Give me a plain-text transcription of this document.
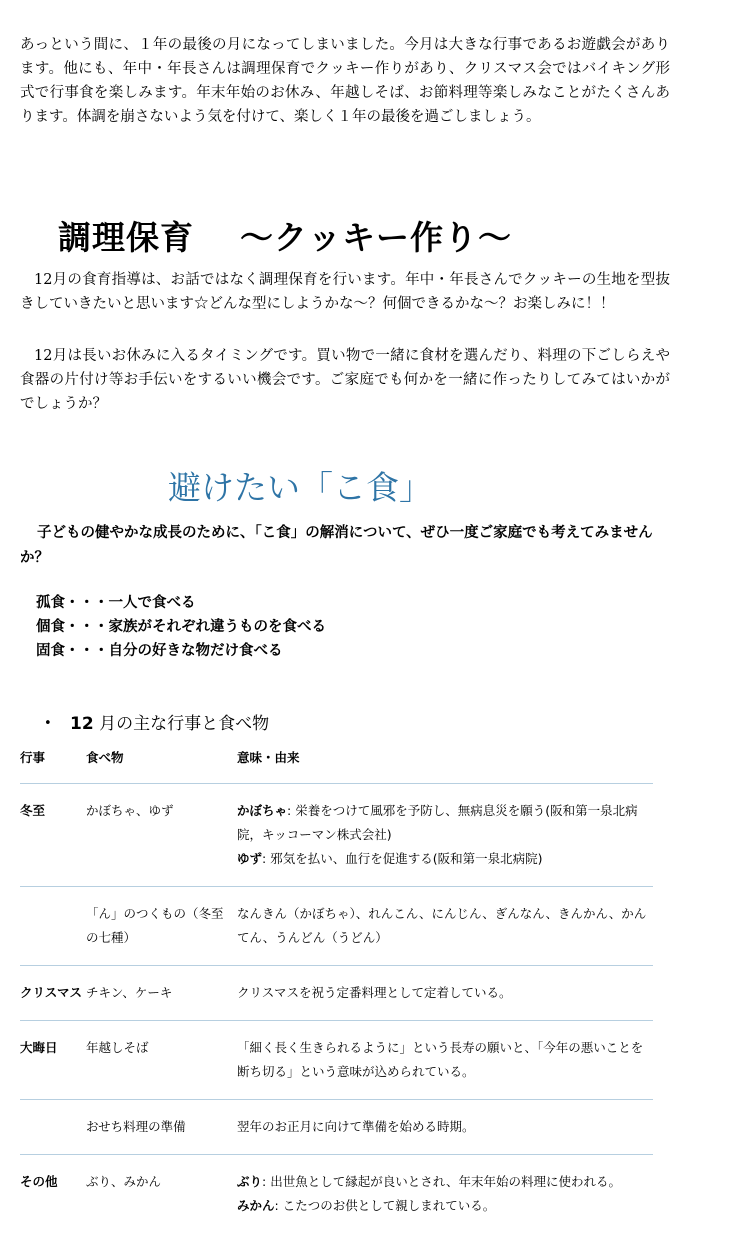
あっという間に、１年の最後の月になってしまいました。今月は大きな行事であるお遊戯会があります。他にも、年中・年長さんは調理保育でクッキー作りがあり、クリスマス会ではバイキング形式で行事食を楽しみます。年末年始のお休み、年越しそば、お節料理等楽しみなことがたくさんあります。体調を崩さないよう気を付けて、楽しく１年の最後を過ごしましょう。

調理保育 ～クッキー作り～

12月の食育指導は、お話ではなく調理保育を行います。年中・年長さんでクッキーの生地を型抜きしていきたいと思います☆どんな型にしようかな～？何個できるかな～？お楽しみに！！

12月は長いお休みに入るタイミングです。買い物で一緒に食材を選んだり、料理の下ごしらえや食器の片付け等お手伝いをするいい機会です。ご家庭でも何かを一緒に作ったりしてみてはいかがでしょうか？

避けたい「こ食」

子どもの健やかな成長のために、「こ食」の解消について、ぜひ一度ご家庭でも考えてみませんか？

孤食・・・一人で食べる
個食・・・家族がそれぞれ違うものを食べる
固食・・・自分の好きな物だけ食べる
• 12 月の主な行事と食べ物
行事	食べ物	意味・由来
冬至	かぼちゃ、ゆず	かぼちゃ: 栄養をつけて風邪を予防し、無病息災を願う(阪和第一泉北病院，キッコーマン株式会社)
ゆず: 邪気を払い、血行を促進する(阪和第一泉北病院)

	「ん」のつくもの（冬至の七種）	なんきん（かぼちゃ）、れんこん、にんじん、ぎんなん、きんかん、かんてん、うんどん（うどん）

クリスマス	チキン、ケーキ	クリスマスを祝う定番料理として定着している。

大晦日	年越しそば	「細く長く生きられるように」という長寿の願いと、「今年の悪いことを断ち切る」という意味が込められている。

	おせち料理の準備	翌年のお正月に向けて準備を始める時期。

その他	ぶり、みかん	ぶり: 出世魚として縁起が良いとされ、年末年始の料理に使われる。
みかん: こたつのお供として親しまれている。
